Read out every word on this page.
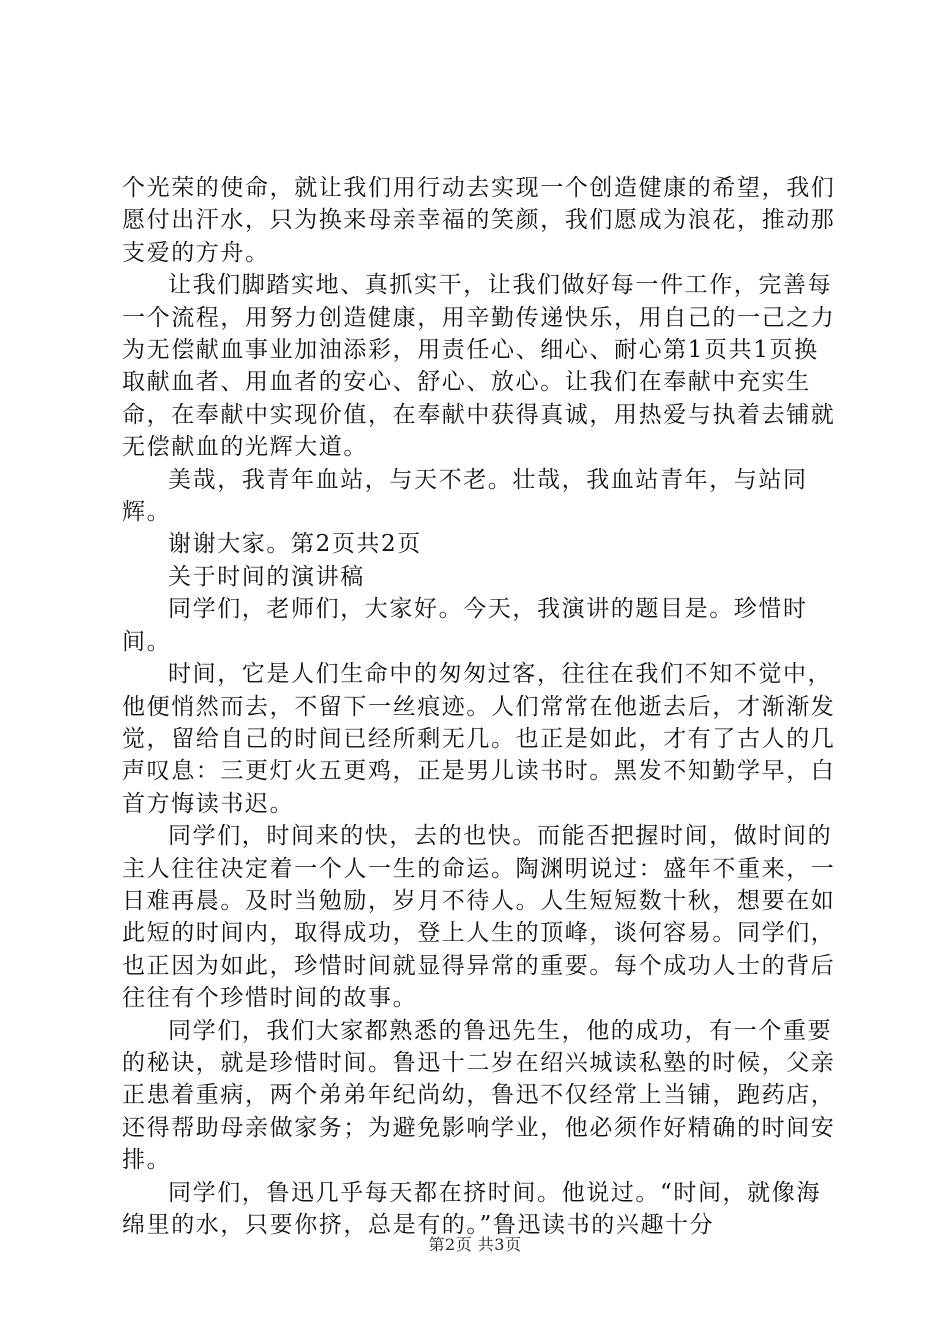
个光荣的使命，就让我们用行动去实现一个创造健康的希望，我们愿付出汗水，只为换来母亲幸福的笑颜，我们愿成为浪花，推动那支爱的方舟。

让我们脚踏实地、真抓实干，让我们做好每一件工作，完善每一个流程，用努力创造健康，用辛勤传递快乐，用自己的一己之力为无偿献血事业加油添彩，用责任心、细心、耐心第1页共1页换取献血者、用血者的安心、舒心、放心。让我们在奉献中充实生命，在奉献中实现价值，在奉献中获得真诚，用热爱与执着去铺就无偿献血的光辉大道。

美哉，我青年血站，与天不老。壮哉，我血站青年，与站同辉。

谢谢大家。第2页共2页

关于时间的演讲稿

同学们，老师们，大家好。今天，我演讲的题目是。珍惜时间。

时间，它是人们生命中的匆匆过客，往往在我们不知不觉中，他便悄然而去，不留下一丝痕迹。人们常常在他逝去后，才渐渐发觉，留给自己的时间已经所剩无几。也正是如此，才有了古人的几声叹息：三更灯火五更鸡，正是男儿读书时。黑发不知勤学早，白首方悔读书迟。

同学们，时间来的快，去的也快。而能否把握时间，做时间的主人往往决定着一个人一生的命运。陶渊明说过：盛年不重来，一日难再晨。及时当勉励，岁月不待人。人生短短数十秋，想要在如此短的时间内，取得成功，登上人生的顶峰，谈何容易。同学们，也正因为如此，珍惜时间就显得异常的重要。每个成功人士的背后往往有个珍惜时间的故事。

同学们，我们大家都熟悉的鲁迅先生，他的成功，有一个重要的秘诀，就是珍惜时间。鲁迅十二岁在绍兴城读私塾的时候，父亲正患着重病，两个弟弟年纪尚幼，鲁迅不仅经常上当铺，跑药店，还得帮助母亲做家务；为避免影响学业，他必须作好精确的时间安排。

同学们，鲁迅几乎每天都在挤时间。他说过。“时间，就像海绵里的水，只要你挤，总是有的。”鲁迅读书的兴趣十分

第2页 共3页
